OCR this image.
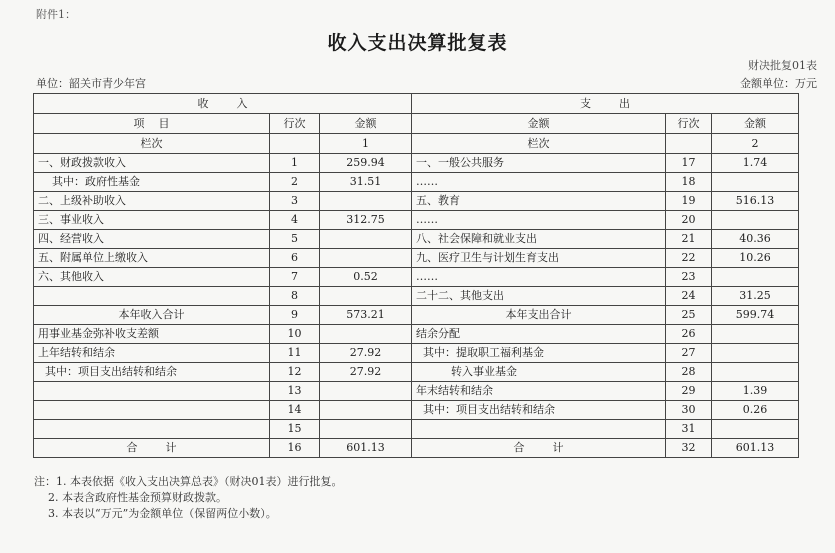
附件1：
收入支出决算批复表
财决批复01表
单位：韶关市青少年宫	金额单位：万元
收        入			支        出		
项    目	行次	金额	金额	行次	金额
栏次		1	栏次		2
一、财政拨款收入	1	259.94	一、一般公共服务	17	1.74
其中：政府性基金	2	31.51	……	18	
二、上级补助收入	3		五、教育	19	516.13
三、事业收入	4	312.75	……	20	
四、经营收入	5		八、社会保障和就业支出	21	40.36
五、附属单位上缴收入	6		九、医疗卫生与计划生育支出	22	10.26
六、其他收入	7	0.52	……	23	
	8		二十二、其他支出	24	31.25
本年收入合计	9	573.21	本年支出合计	25	599.74
用事业基金弥补收支差额	10		结余分配	26	
上年结转和结余	11	27.92	其中：提取职工福利基金	27	
其中：项目支出结转和结余	12	27.92	转入事业基金	28	
	13		年末结转和结余	29	1.39
	14		其中：项目支出结转和结余	30	0.26
	15			31	
合        计	16	601.13	合        计	32	601.13
注：1. 本表依据《收入支出决算总表》（财决01表）进行批复。
2. 本表含政府性基金预算财政拨款。
3. 本表以“万元”为金额单位（保留两位小数）。
